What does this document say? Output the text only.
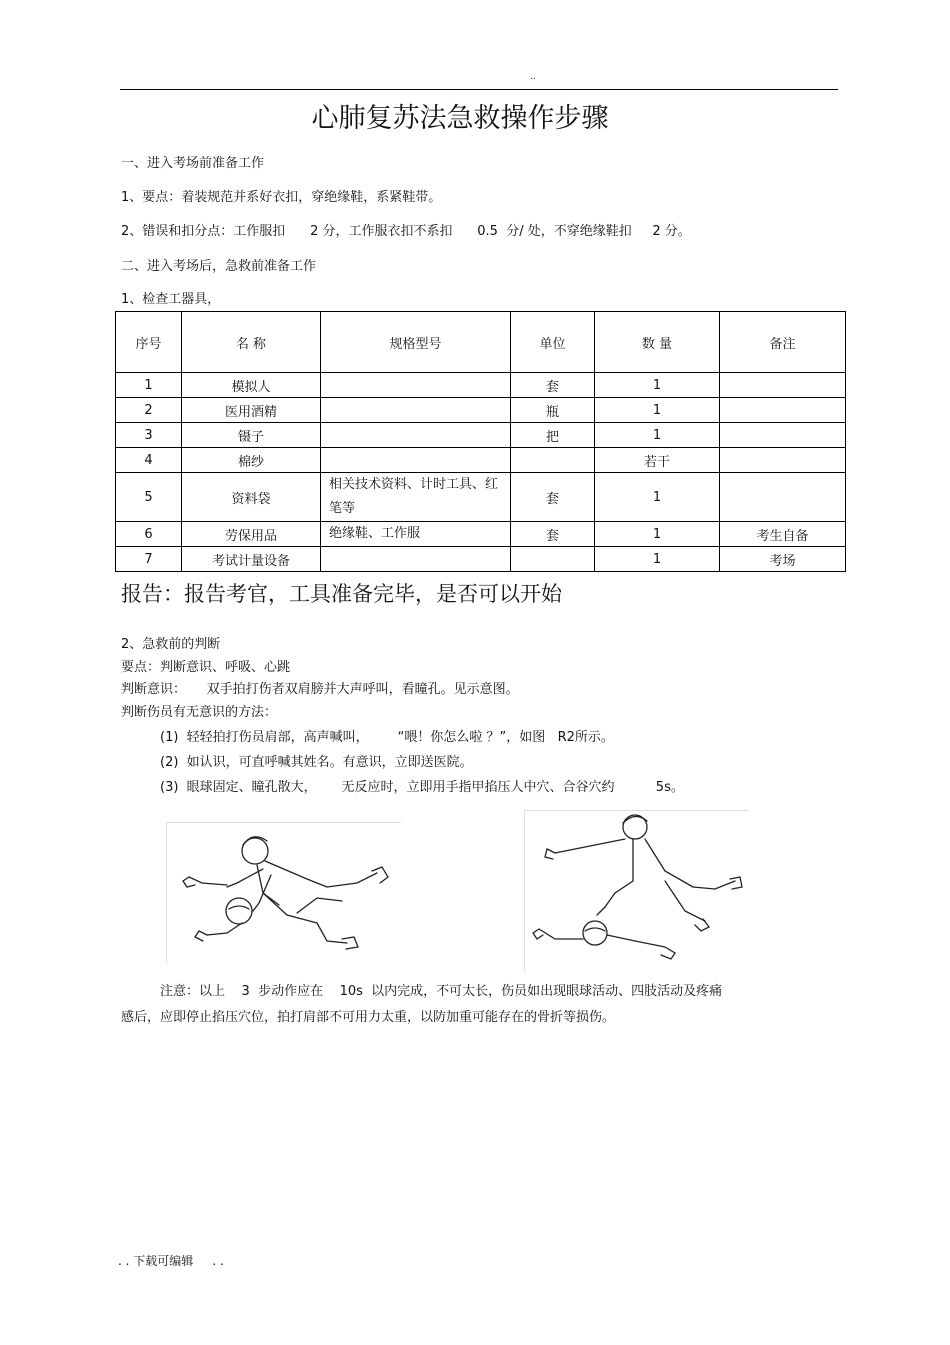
..
心肺复苏法急救操作步骤
一、进入考场前准备工作
1、要点：着装规范并系好衣扣，穿绝缘鞋，系紧鞋带。
2、错误和扣分点：工作服扣      2 分，工作服衣扣不系扣      0.5  分/ 处，不穿绝缘鞋扣     2 分。
二、进入考场后，急救前准备工作
1、检查工器具，
序号	名 称	规格型号	单位	数 量	备注
1	模拟人		套	1	
2	医用酒精		瓶	1	
3	镊子		把	1	
4	棉纱			若干	
5	资料袋	相关技术资料、计时工具、红笔等	套	1	
6	劳保用品	绝缘鞋、工作服	套	1	考生自备
7	考试计量设备			1	考场
报告：报告考官，工具准备完毕，是否可以开始
2、急救前的判断
要点：判断意识、呼吸、心跳
判断意识：     双手拍打伤者双肩膀并大声呼叫，看瞳孔。见示意图。
判断伤员有无意识的方法：
(1)  轻轻拍打伤员肩部，高声喊叫，       “喂！你怎么啦 ？”，如图   R2所示。
(2)  如认识，可直呼喊其姓名。有意识，立即送医院。
(3)  眼球固定、瞳孔散大，      无反应时，立即用手指甲掐压人中穴、合谷穴约          5s。
注意：以上    3  步动作应在    10s  以内完成，不可太长，伤员如出现眼球活动、四肢活动及疼痛
感后，应即停止掐压穴位，拍打肩部不可用力太重，以防加重可能存在的骨折等损伤。
. . 下载可编辑     . .
